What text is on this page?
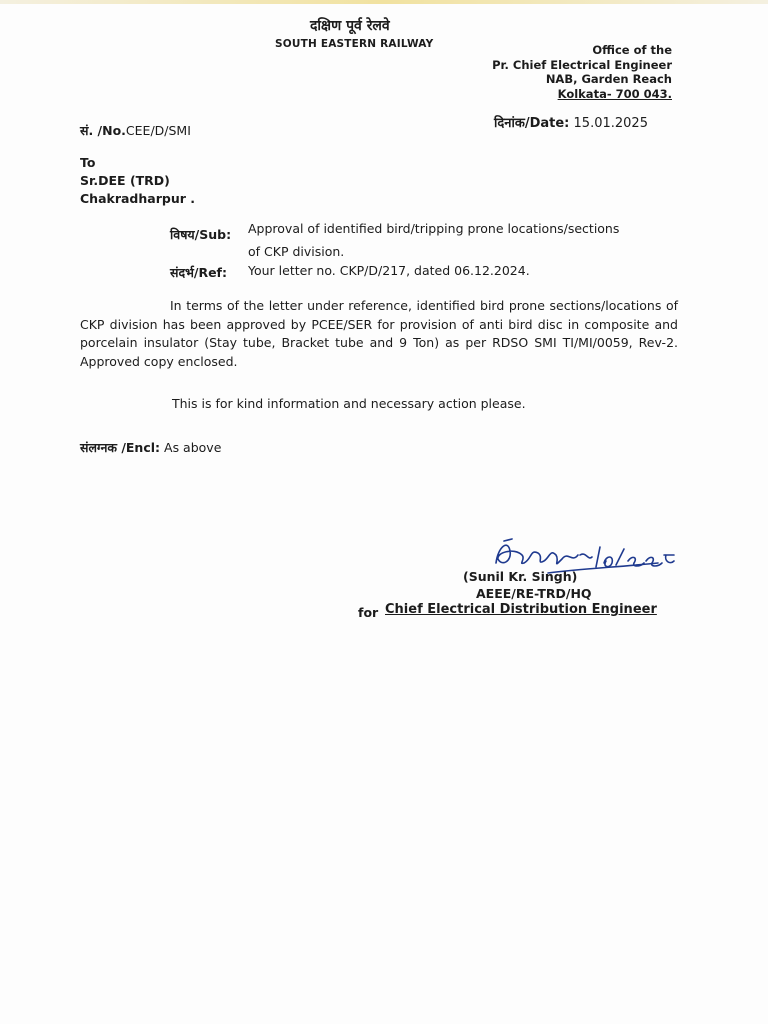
दक्षिण पूर्व रेलवे
SOUTH EASTERN RAILWAY	Office of the
Pr. Chief Electrical Engineer
NAB, Garden Reach
Kolkata- 700 043.
सं. /No.CEE/D/SMI	दिनांक/Date: 15.01.2025
To
Sr.DEE (TRD)
Chakradharpur .
विषय/Sub: Approval of identified bird/tripping prone locations/sections
of CKP division.
संदर्भ/Ref: Your letter no. CKP/D/217, dated 06.12.2024.
In terms of the letter under reference, identified bird prone sections/locations of CKP division has been approved by PCEE/SER for provision of anti bird disc in composite and porcelain insulator (Stay tube, Bracket tube and 9 Ton) as per RDSO SMI TI/MI/0059, Rev-2. Approved copy enclosed.
This is for kind information and necessary action please.
संलग्नक /Encl: As above
(Sunil Kr. Singh)
AEEE/RE-TRD/HQ
for Chief Electrical Distribution Engineer
